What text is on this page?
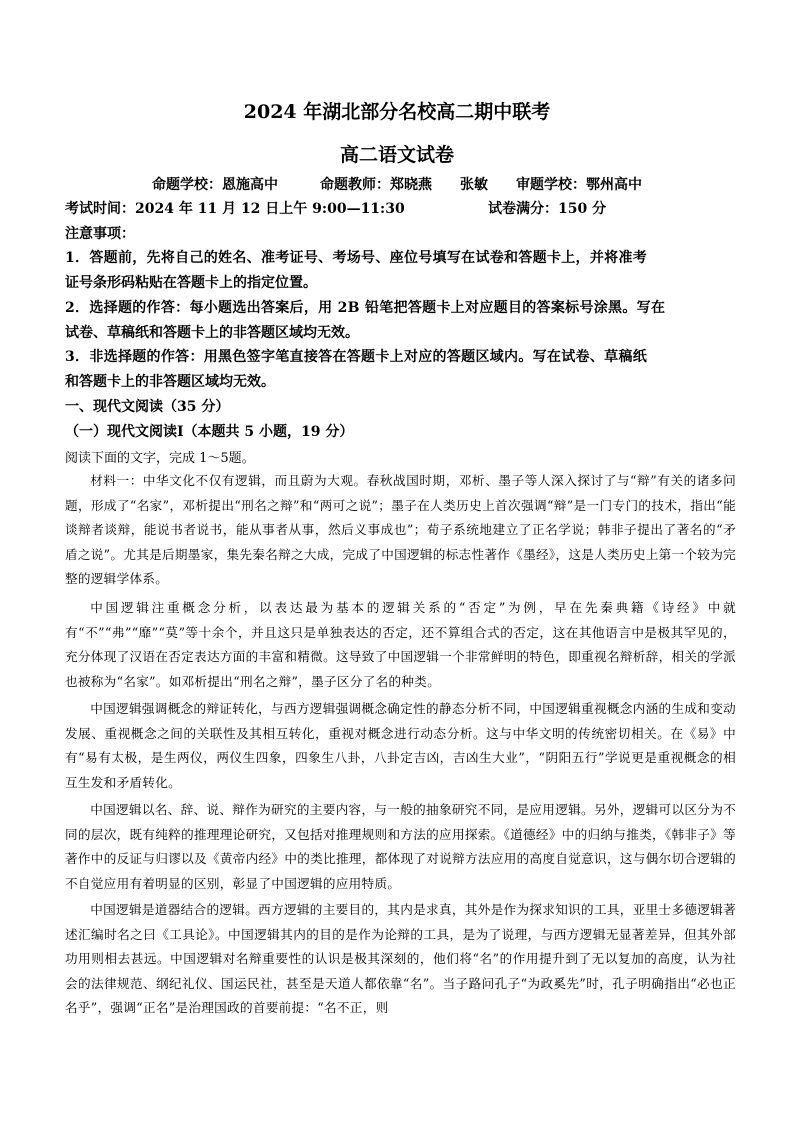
2024 年湖北部分名校高二期中联考
高二语文试卷
命题学校：恩施高中　　　命题教师：郑晓燕　　张敏　　审题学校：鄂州高中
考试时间：2024 年 11 月 12 日上午 9:00—11:30	试卷满分：150 分
注意事项：
1．答题前，先将自己的姓名、准考证号、考场号、座位号填写在试卷和答题卡上，并将准考
证号条形码粘贴在答题卡上的指定位置。
2．选择题的作答：每小题选出答案后，用 2B 铅笔把答题卡上对应题目的答案标号涂黑。写在
试卷、草稿纸和答题卡上的非答题区域均无效。
3．非选择题的作答：用黑色签字笔直接答在答题卡上对应的答题区域内。写在试卷、草稿纸
和答题卡上的非答题区域均无效。
一、现代文阅读（35 分）
（一）现代文阅读Ⅰ（本题共 5 小题，19 分）
阅读下面的文字，完成 1～5题。
材料一：中华文化不仅有逻辑，而且蔚为大观。春秋战国时期，邓析、墨子等人深入探讨了与“辩”有关的诸多问题，形成了“名家”，邓析提出“刑名之辩”和“两可之说”；墨子在人类历史上首次强调“辩”是一门专门的技术，指出“能谈辩者谈辩，能说书者说书，能从事者从事，然后义事成也”；荀子系统地建立了正名学说；韩非子提出了著名的“矛盾之说”。尤其是后期墨家，集先秦名辩之大成，完成了中国逻辑的标志性著作《墨经》，这是人类历史上第一个较为完整的逻辑学体系。
中国逻辑注重概念分析，以表达最为基本的逻辑关系的“否定”为例，早在先秦典籍《诗经》中就有“不”“弗”“靡”“莫”等十余个，并且这只是单独表达的否定，还不算组合式的否定，这在其他语言中是极其罕见的，充分体现了汉语在否定表达方面的丰富和精微。这导致了中国逻辑一个非常鲜明的特色，即重视名辩析辞，相关的学派也被称为“名家”。如邓析提出“刑名之辩”，墨子区分了名的种类。
中国逻辑强调概念的辩证转化，与西方逻辑强调概念确定性的静态分析不同，中国逻辑重视概念内涵的生成和变动发展、重视概念之间的关联性及其相互转化，重视对概念进行动态分析。这与中华文明的传统密切相关。在《易》中有“易有太极，是生两仪，两仪生四象，四象生八卦，八卦定吉凶，吉凶生大业”，“阴阳五行”学说更是重视概念的相互生发和矛盾转化。
中国逻辑以名、辞、说、辩作为研究的主要内容，与一般的抽象研究不同，是应用逻辑。另外，逻辑可以区分为不同的层次，既有纯粹的推理理论研究，又包括对推理规则和方法的应用探索。《道德经》中的归纳与推类，《韩非子》等著作中的反证与归谬以及《黄帝内经》中的类比推理，都体现了对说辩方法应用的高度自觉意识，这与偶尔切合逻辑的不自觉应用有着明显的区别，彰显了中国逻辑的应用特质。
中国逻辑是道器结合的逻辑。西方逻辑的主要目的，其内是求真，其外是作为探求知识的工具，亚里士多德逻辑著述汇编时名之曰《工具论》。中国逻辑其内的目的是作为论辩的工具，是为了说理，与西方逻辑无显著差异，但其外部功用则相去甚远。中国逻辑对名辩重要性的认识是极其深刻的，他们将“名”的作用提升到了无以复加的高度，认为社会的法律规范、纲纪礼仪、国运民社，甚至是天道人都依靠“名”。当子路问孔子“为政奚先”时，孔子明确指出“必也正名乎”，强调“正名”是治理国政的首要前提：“名不正，则
